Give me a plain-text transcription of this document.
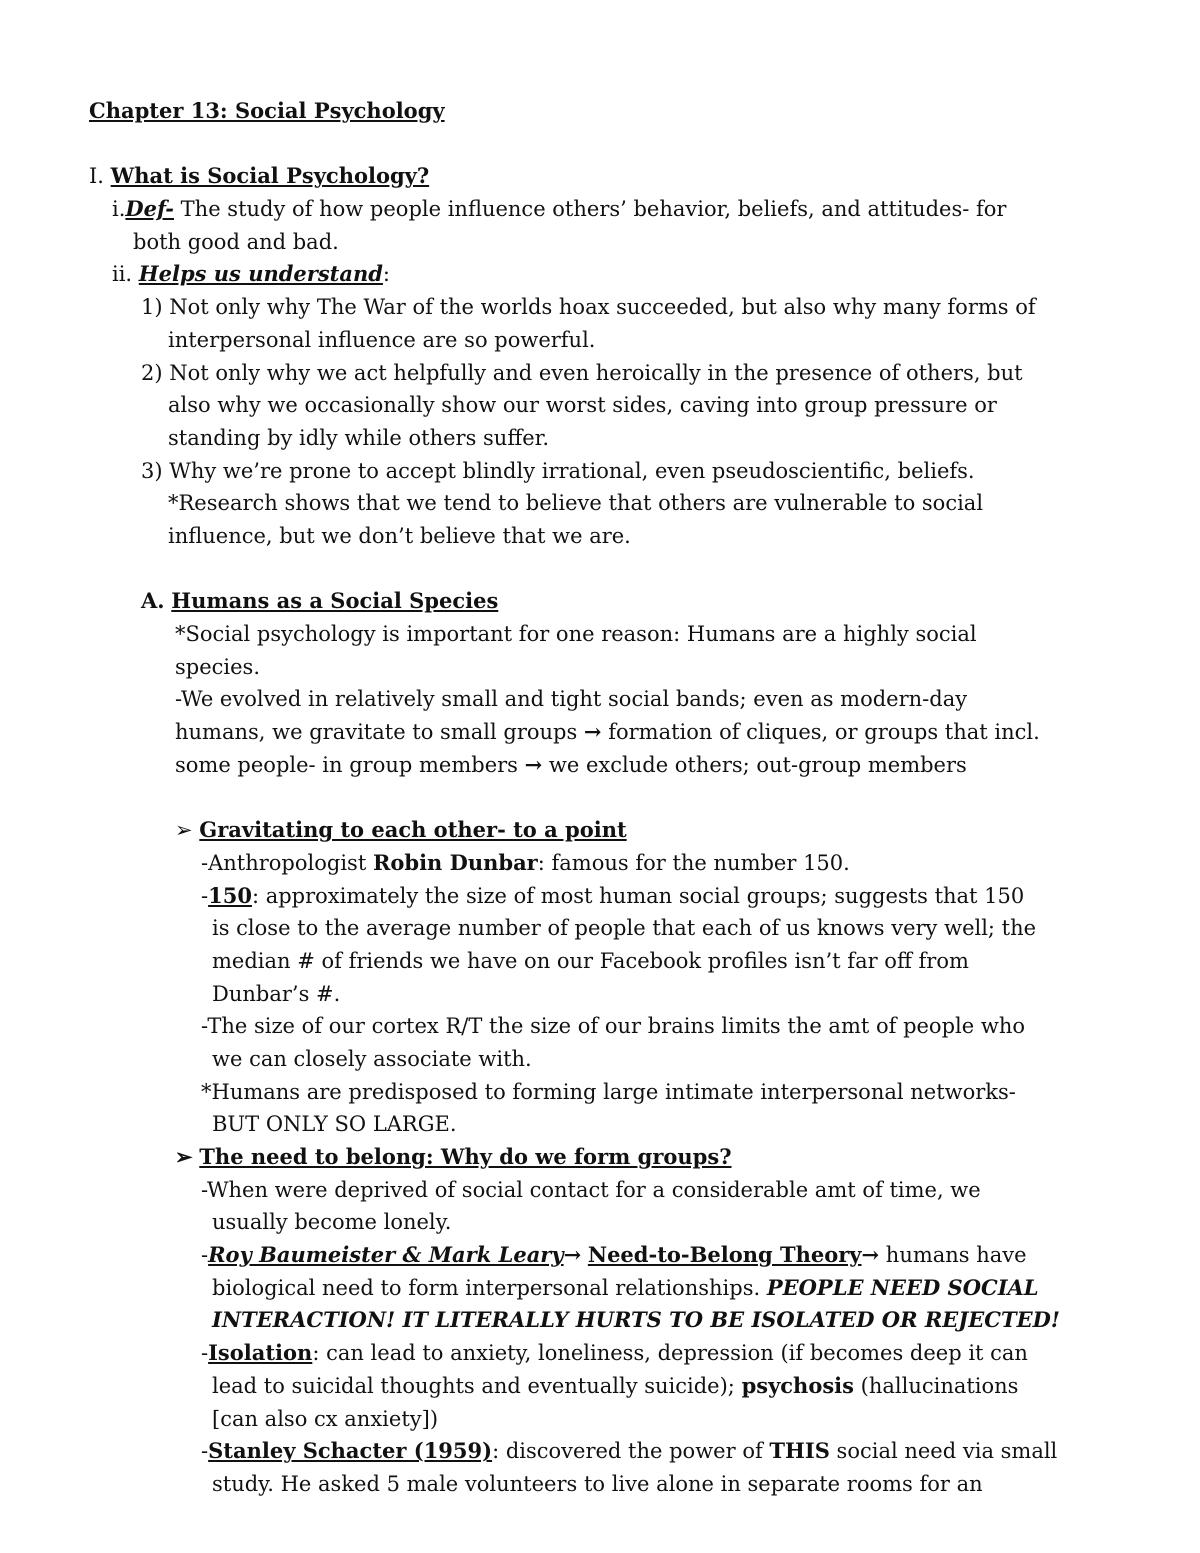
Chapter 13: Social Psychology
I. What is Social Psychology?
i.Def- The study of how people influence others’ behavior, beliefs, and attitudes- for
both good and bad.
ii. Helps us understand:
1) Not only why The War of the worlds hoax succeeded, but also why many forms of
interpersonal influence are so powerful.
2) Not only why we act helpfully and even heroically in the presence of others, but
also why we occasionally show our worst sides, caving into group pressure or
standing by idly while others suffer.
3) Why we’re prone to accept blindly irrational, even pseudoscientific, beliefs.
*Research shows that we tend to believe that others are vulnerable to social
influence, but we don’t believe that we are.
A. Humans as a Social Species
*Social psychology is important for one reason: Humans are a highly social
species.
-We evolved in relatively small and tight social bands; even as modern-day
humans, we gravitate to small groups → formation of cliques, or groups that incl.
some people- in group members → we exclude others; out-group members
➢ Gravitating to each other- to a point
-Anthropologist Robin Dunbar: famous for the number 150.
-150: approximately the size of most human social groups; suggests that 150
is close to the average number of people that each of us knows very well; the
median # of friends we have on our Facebook profiles isn’t far off from
Dunbar’s #.
-The size of our cortex R/T the size of our brains limits the amt of people who
we can closely associate with.
*Humans are predisposed to forming large intimate interpersonal networks-
BUT ONLY SO LARGE.
➢ The need to belong: Why do we form groups?
-When were deprived of social contact for a considerable amt of time, we
usually become lonely.
-Roy Baumeister & Mark Leary→ Need-to-Belong Theory→ humans have
biological need to form interpersonal relationships. PEOPLE NEED SOCIAL
INTERACTION! IT LITERALLY HURTS TO BE ISOLATED OR REJECTED!
-Isolation: can lead to anxiety, loneliness, depression (if becomes deep it can
lead to suicidal thoughts and eventually suicide); psychosis (hallucinations
[can also cx anxiety])
-Stanley Schacter (1959): discovered the power of THIS social need via small
study. He asked 5 male volunteers to live alone in separate rooms for an
